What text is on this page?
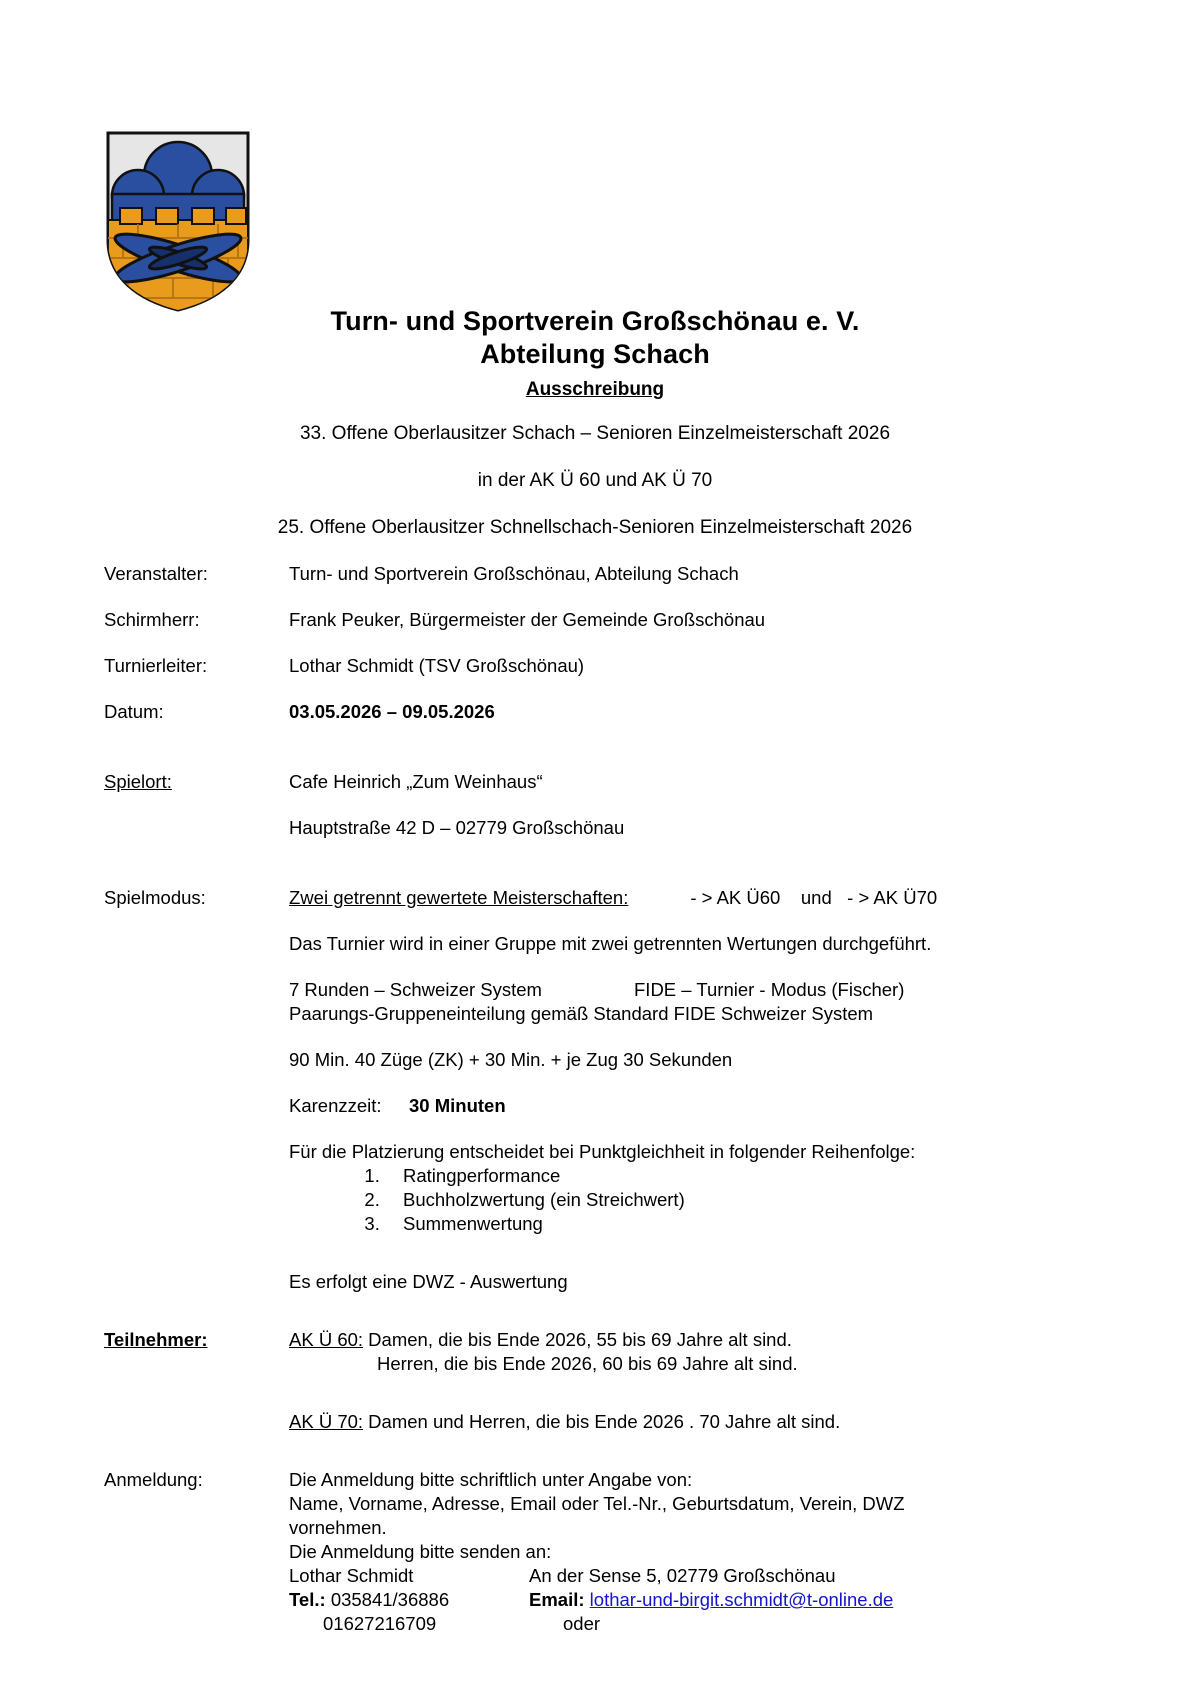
Turn- und Sportverein Großschönau e. V.
Abteilung Schach
Ausschreibung
33. Offene Oberlausitzer Schach – Senioren Einzelmeisterschaft 2026
in der AK Ü 60 und AK Ü 70
25. Offene Oberlausitzer Schnellschach-Senioren Einzelmeisterschaft 2026
Veranstalter:	Turn- und Sportverein Großschönau, Abteilung Schach
Schirmherr:	Frank Peuker, Bürgermeister der Gemeinde Großschönau
Turnierleiter:	Lothar Schmidt (TSV Großschönau)
Datum:	03.05.2026 – 09.05.2026
Spielort:	Cafe Heinrich „Zum Weinhaus“
Hauptstraße 42 D – 02779 Großschönau
Spielmodus:	Zwei getrennt gewertete Meisterschaften:	- > AK Ü60    und   - > AK Ü70
Das Turnier wird in einer Gruppe mit zwei getrennten Wertungen durchgeführt.
7 Runden – Schweizer System	FIDE – Turnier - Modus (Fischer)
Paarungs-Gruppeneinteilung gemäß Standard FIDE Schweizer System
90 Min. 40 Züge (ZK) + 30 Min. + je Zug 30 Sekunden
Karenzzeit:	30 Minuten
Für die Platzierung entscheidet bei Punktgleichheit in folgender Reihenfolge:
1. Ratingperformance
2. Buchholzwertung (ein Streichwert)
3. Summenwertung
Es erfolgt eine DWZ - Auswertung
Teilnehmer:	AK Ü 60: Damen, die bis Ende 2026, 55 bis 69 Jahre alt sind.
Herren, die bis Ende 2026, 60 bis 69 Jahre alt sind.
AK Ü 70: Damen und Herren, die bis Ende 2026 . 70 Jahre alt sind.
Anmeldung:	Die Anmeldung bitte schriftlich unter Angabe von:
Name, Vorname, Adresse, Email oder Tel.-Nr., Geburtsdatum, Verein, DWZ
vornehmen.
Die Anmeldung bitte senden an:
Lothar Schmidt	An der Sense 5, 02779 Großschönau
Tel.: 035841/36886	Email: lothar-und-birgit.schmidt@t-online.de
01627216709	oder
